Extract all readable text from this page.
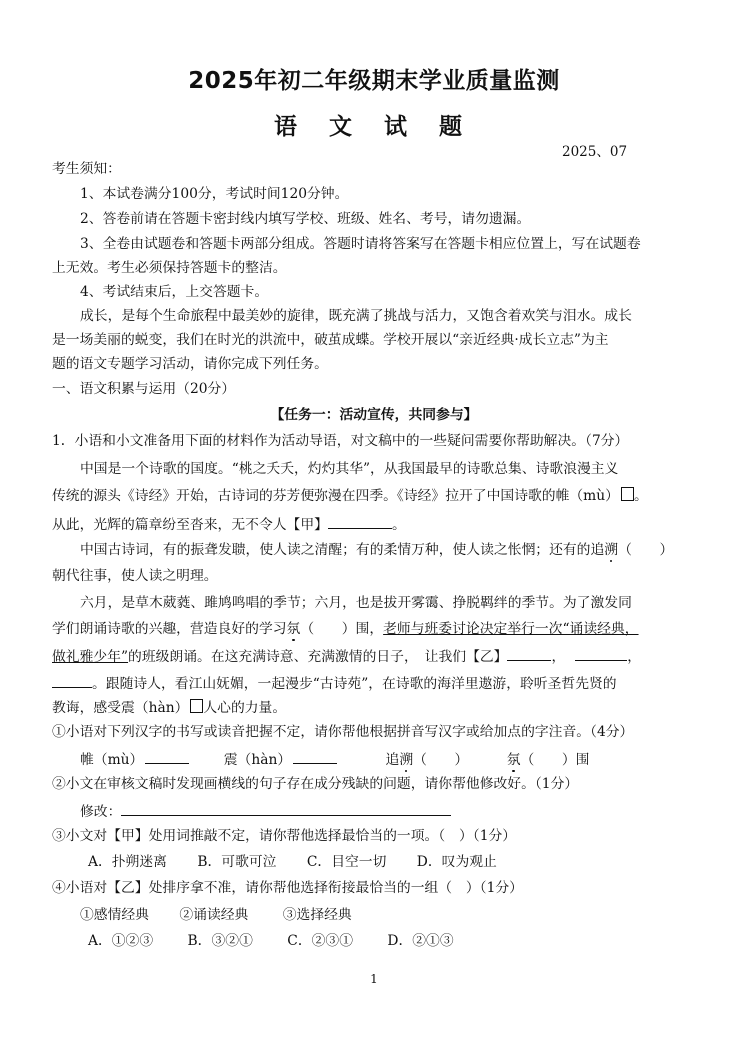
2025年初二年级期末学业质量监测
语 文 试 题
2025、07
考生须知：
1、本试卷满分100分，考试时间120分钟。
2、答卷前请在答题卡密封线内填写学校、班级、姓名、考号，请勿遗漏。
3、全卷由试题卷和答题卡两部分组成。答题时请将答案写在答题卡相应位置上，写在试题卷
上无效。考生必须保持答题卡的整洁。
4、考试结束后，上交答题卡。
成长，是每个生命旅程中最美妙的旋律，既充满了挑战与活力，又饱含着欢笑与泪水。成长
是一场美丽的蜕变，我们在时光的洪流中，破茧成蝶。学校开展以“亲近经典·成长立志”为主
题的语文专题学习活动，请你完成下列任务。
一、语文积累与运用（20分）
【任务一：活动宣传，共同参与】
1．小语和小文准备用下面的材料作为活动导语，对文稿中的一些疑问需要你帮助解决。（7分）
中国是一个诗歌的国度。“桃之夭夭，灼灼其华”，从我国最早的诗歌总集、诗歌浪漫主义
传统的源头《诗经》开始，古诗词的芬芳便弥漫在四季。《诗经》拉开了中国诗歌的帷（mù） 。
从此，光辉的篇章纷至沓来，无不令人【甲】	。
中国古诗词，有的振聋发聩，使人读之清醒；有的柔情万种，使人读之怅惘；还有的追溯（　　）
朝代往事，使人读之明理。
六月，是草木葳蕤、雎鸠鸣唱的季节；六月，也是拔开雾霭、挣脱羁绊的季节。为了激发同
学们朗诵诗歌的兴趣，营造良好的学习氛（　　）围，老师与班委讨论决定举行一次“诵读经典，
做礼雅少年”的班级朗诵。在这充满诗意、充满激情的日子，　让我们【乙】	，	，
。跟随诗人，看江山妩媚，一起漫步“古诗苑”，在诗歌的海洋里遨游，聆听圣哲先贤的
教诲，感受震（hàn） 人心的力量。
①小语对下列汉字的书写或读音把握不定，请你帮他根据拼音写汉字或给加点的字注音。（4分）
帷（mù）	震（hàn）	追溯（　　）	氛（　　）围
②小文在审核文稿时发现画横线的句子存在成分残缺的问题，请你帮他修改好。（1分）
修改：
③小文对【甲】处用词推敲不定，请你帮他选择最恰当的一项。（　）（1分）
A．扑朔迷离 B．可歌可泣 C．目空一切 D．叹为观止
④小语对【乙】处排序拿不准，请你帮他选择衔接最恰当的一组（　）（1分）
①感情经典 ②诵读经典 ③选择经典
A．①②③ B．③②① C．②③① D．②①③
1
